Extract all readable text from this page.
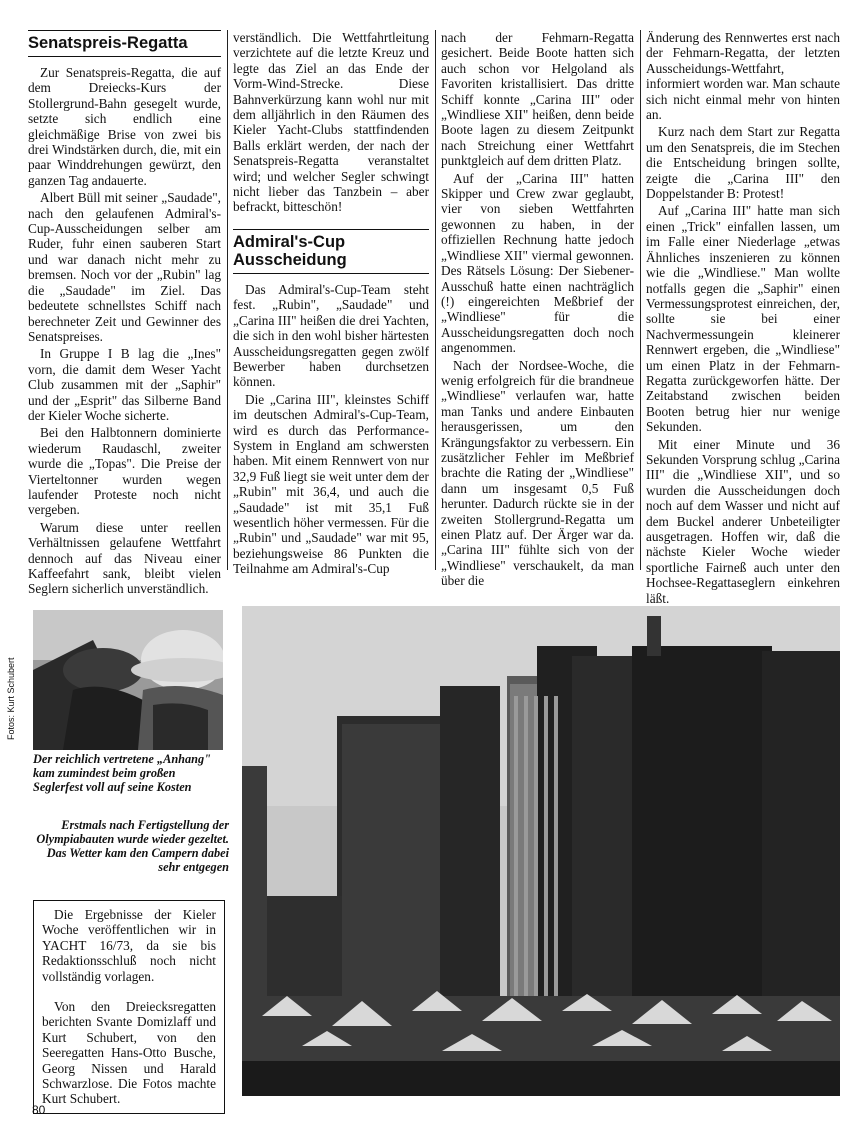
Senatspreis-Regatta

Zur Senatspreis-Regatta, die auf dem Dreiecks-Kurs der Stollergrund-Bahn gesegelt wurde, setzte sich endlich eine gleichmäßige Brise von zwei bis drei Windstärken durch, die, mit ein paar Winddrehungen gewürzt, den ganzen Tag andauerte.

Albert Büll mit seiner „Saudade", nach den gelaufenen Admiral's-Cup-Ausscheidungen selber am Ruder, fuhr einen sauberen Start und war danach nicht mehr zu bremsen. Noch vor der „Rubin" lag die „Saudade" im Ziel. Das bedeutete schnellstes Schiff nach berechneter Zeit und Gewinner des Senatspreises.

In Gruppe I B lag die „Ines" vorn, die damit dem Weser Yacht Club zusammen mit der „Saphir" und der „Esprit" das Silberne Band der Kieler Woche sicherte.

Bei den Halbtonnern dominierte wiederum Raudaschl, zweiter wurde die „Topas". Die Preise der Vierteltonner wurden wegen laufender Proteste noch nicht vergeben.

Warum diese unter reellen Verhältnissen gelaufene Wettfahrt dennoch auf das Niveau einer Kaffeefahrt sank, bleibt vielen Seglern sicherlich unverständlich.

verständlich. Die Wettfahrtleitung verzichtete auf die letzte Kreuz und legte das Ziel an das Ende der Vorm-Wind-Strecke. Diese Bahnverkürzung kann wohl nur mit dem alljährlich in den Räumen des Kieler Yacht-Clubs stattfindenden Balls erklärt werden, der nach der Senatspreis-Regatta veranstaltet wird; und welcher Segler schwingt nicht lieber das Tanzbein – aber befrackt, bitteschön!

Admiral's-Cup Ausscheidung

Das Admiral's-Cup-Team steht fest. „Rubin", „Saudade" und „Carina III" heißen die drei Yachten, die sich in den wohl bisher härtesten Ausscheidungsregatten gegen zwölf Bewerber haben durchsetzen können.

Die „Carina III", kleinstes Schiff im deutschen Admiral's-Cup-Team, wird es durch das Performance-System in England am schwersten haben. Mit einem Rennwert von nur 32,9 Fuß liegt sie weit unter dem der „Rubin" mit 36,4, und auch die „Saudade" ist mit 35,1 Fuß wesentlich höher vermessen. Für die „Rubin" und „Saudade" war mit 95, beziehungsweise 86 Punkten die Teilnahme am Admiral's-Cup

nach der Fehmarn-Regatta gesichert. Beide Boote hatten sich auch schon vor Helgoland als Favoriten kristallisiert. Das dritte Schiff konnte „Carina III" oder „Windliese XII" heißen, denn beide Boote lagen zu diesem Zeitpunkt nach Streichung einer Wettfahrt punktgleich auf dem dritten Platz.

Auf der „Carina III" hatten Skipper und Crew zwar geglaubt, vier von sieben Wettfahrten gewonnen zu haben, in der offiziellen Rechnung hatte jedoch „Windliese XII" viermal gewonnen. Des Rätsels Lösung: Der Siebener-Ausschuß hatte einen nachträglich (!) eingereichten Meßbrief der „Windliese" für die Ausscheidungsregatten doch noch angenommen.

Nach der Nordsee-Woche, die wenig erfolgreich für die brandneue „Windliese" verlaufen war, hatte man Tanks und andere Einbauten herausgerissen, um den Krängungsfaktor zu verbessern. Ein zusätzlicher Fehler im Meßbrief brachte die Rating der „Windliese" dann um insgesamt 0,5 Fuß herunter. Dadurch rückte sie in der zweiten Stollergrund-Regatta um einen Platz auf. Der Ärger war da. „Carina III" fühlte sich von der „Windliese" verschaukelt, da man über die

Änderung des Rennwertes erst nach der Fehmarn-Regatta, der letzten Ausscheidungs-Wettfahrt, informiert worden war. Man schaute sich nicht einmal mehr von hinten an.

Kurz nach dem Start zur Regatta um den Senatspreis, die im Stechen die Entscheidung bringen sollte, zeigte die „Carina III" den Doppelstander B: Protest!

Auf „Carina III" hatte man sich einen „Trick" einfallen lassen, um im Falle einer Niederlage „etwas Ähnliches inszenieren zu können wie die „Windliese." Man wollte notfalls gegen die „Saphir" einen Vermessungsprotest einreichen, der, sollte sie bei einer Nachvermessungein kleinerer Rennwert ergeben, die „Windliese" um einen Platz in der Fehmarn-Regatta zurückgeworfen hätte. Der Zeitabstand zwischen beiden Booten betrug hier nur wenige Sekunden.

Mit einer Minute und 36 Sekunden Vorsprung schlug „Carina III" die „Windliese XII", und so wurden die Ausscheidungen doch noch auf dem Wasser und nicht auf dem Buckel anderer Unbeteiligter ausgetragen. Hoffen wir, daß die nächste Kieler Woche wieder sportliche Fairneß auch unter den Hochsee-Regattaseglern einkehren läßt.

Fotos: Kurt Schubert
Der reichlich vertretene „Anhang" kam zumindest beim großen Seglerfest voll auf seine Kosten
Erstmals nach Fertigstellung der Olympiabauten wurde wieder gezeltet. Das Wetter kam den Campern dabei sehr entgegen

Die Ergebnisse der Kieler Woche veröffentlichen wir in YACHT 16/73, da sie bis Redaktionsschluß noch nicht vollständig vorlagen.

Von den Dreiecksregatten berichten Svante Domizlaff und Kurt Schubert, von den Seeregatten Hans-Otto Busche, Georg Nissen und Harald Schwarzlose. Die Fotos machte Kurt Schubert.

80
